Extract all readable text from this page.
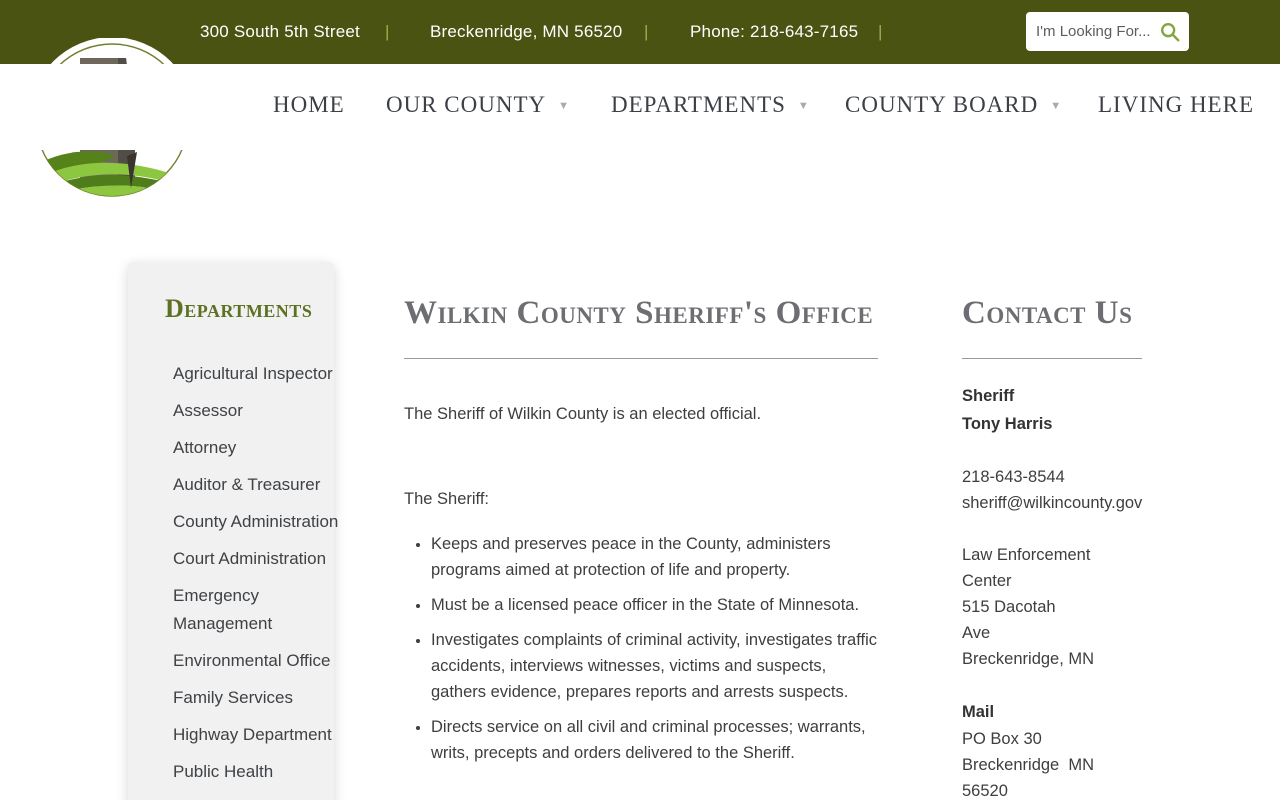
300 South 5th Street | Breckenridge, MN 56520 | Phone: 218-643-7165 |
I'm Looking For...
HOME OUR COUNTY ▼ DEPARTMENTS ▼ COUNTY BOARD ▼ LIVING HERE
Departments
Agricultural Inspector
Assessor
Attorney
Auditor & Treasurer
County Administration
Court Administration
Emergency Management
Environmental Office
Family Services
Highway Department
Public Health
Wilkin County Sheriff's Office

The Sheriff of Wilkin County is an elected official.

The Sheriff:

• Keeps and preserves peace in the County, administers programs aimed at protection of life and property.
• Must be a licensed peace officer in the State of Minnesota.
• Investigates complaints of criminal activity, investigates traffic accidents, interviews witnesses, victims and suspects, gathers evidence, prepares reports and arrests suspects.
• Directs service on all civil and criminal processes; warrants, writs, precepts and orders delivered to the Sheriff.
Contact Us
Sheriff
Tony Harris
218-643-8544
sheriff@wilkincounty.gov
Law Enforcement Center
515 Dacotah
Ave
Breckenridge, MN
Mail
PO Box 30
Breckenridge  MN 56520
